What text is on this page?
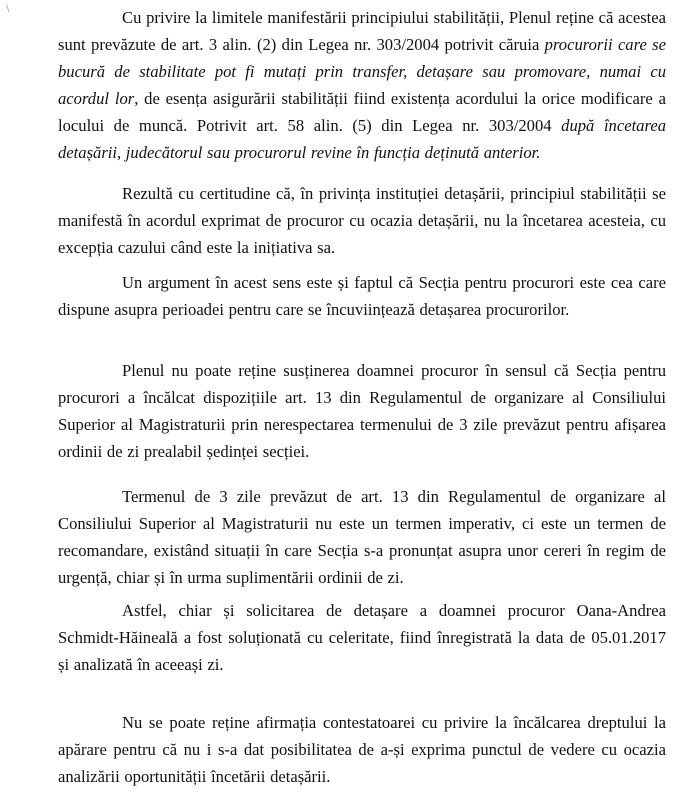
\	Cu privire la limitele manifestării principiului stabilității, Plenul reține că acestea sunt prevăzute de art. 3 alin. (2) din Legea nr. 303/2004 potrivit căruia procurorii care se bucură de stabilitate pot fi mutați prin transfer, detașare sau promovare, numai cu acordul lor, de esența asigurării stabilității fiind existența acordului la orice modificare a locului de muncă. Potrivit art. 58 alin. (5) din Legea nr. 303/2004 după încetarea detașării, judecătorul sau procurorul revine în funcția deținută anterior.

Rezultă cu certitudine că, în privința instituției detașării, principiul stabilității se manifestă în acordul exprimat de procuror cu ocazia detașării, nu la încetarea acesteia, cu excepția cazului când este la inițiativa sa.

Un argument în acest sens este și faptul că Secția pentru procurori este cea care dispune asupra perioadei pentru care se încuviințează detașarea procurorilor.

Plenul nu poate reține susținerea doamnei procuror în sensul că Secția pentru procurori a încălcat dispozițiile art. 13 din Regulamentul de organizare al Consiliului Superior al Magistraturii prin nerespectarea termenului de 3 zile prevăzut pentru afișarea ordinii de zi prealabil ședinței secției.

Termenul de 3 zile prevăzut de art. 13 din Regulamentul de organizare al Consiliului Superior al Magistraturii nu este un termen imperativ, ci este un termen de recomandare, existând situații în care Secția s-a pronunțat asupra unor cereri în regim de urgență, chiar și în urma suplimentării ordinii de zi.

Astfel, chiar și solicitarea de detașare a doamnei procuror Oana-Andrea Schmidt-Hăineală a fost soluționată cu celeritate, fiind înregistrată la data de 05.01.2017 și analizată în aceeași zi.

Nu se poate reține afirmația contestatoarei cu privire la încălcarea dreptului la apărare pentru că nu i s-a dat posibilitatea de a-și exprima punctul de vedere cu ocazia analizării oportunității încetării detașării.
